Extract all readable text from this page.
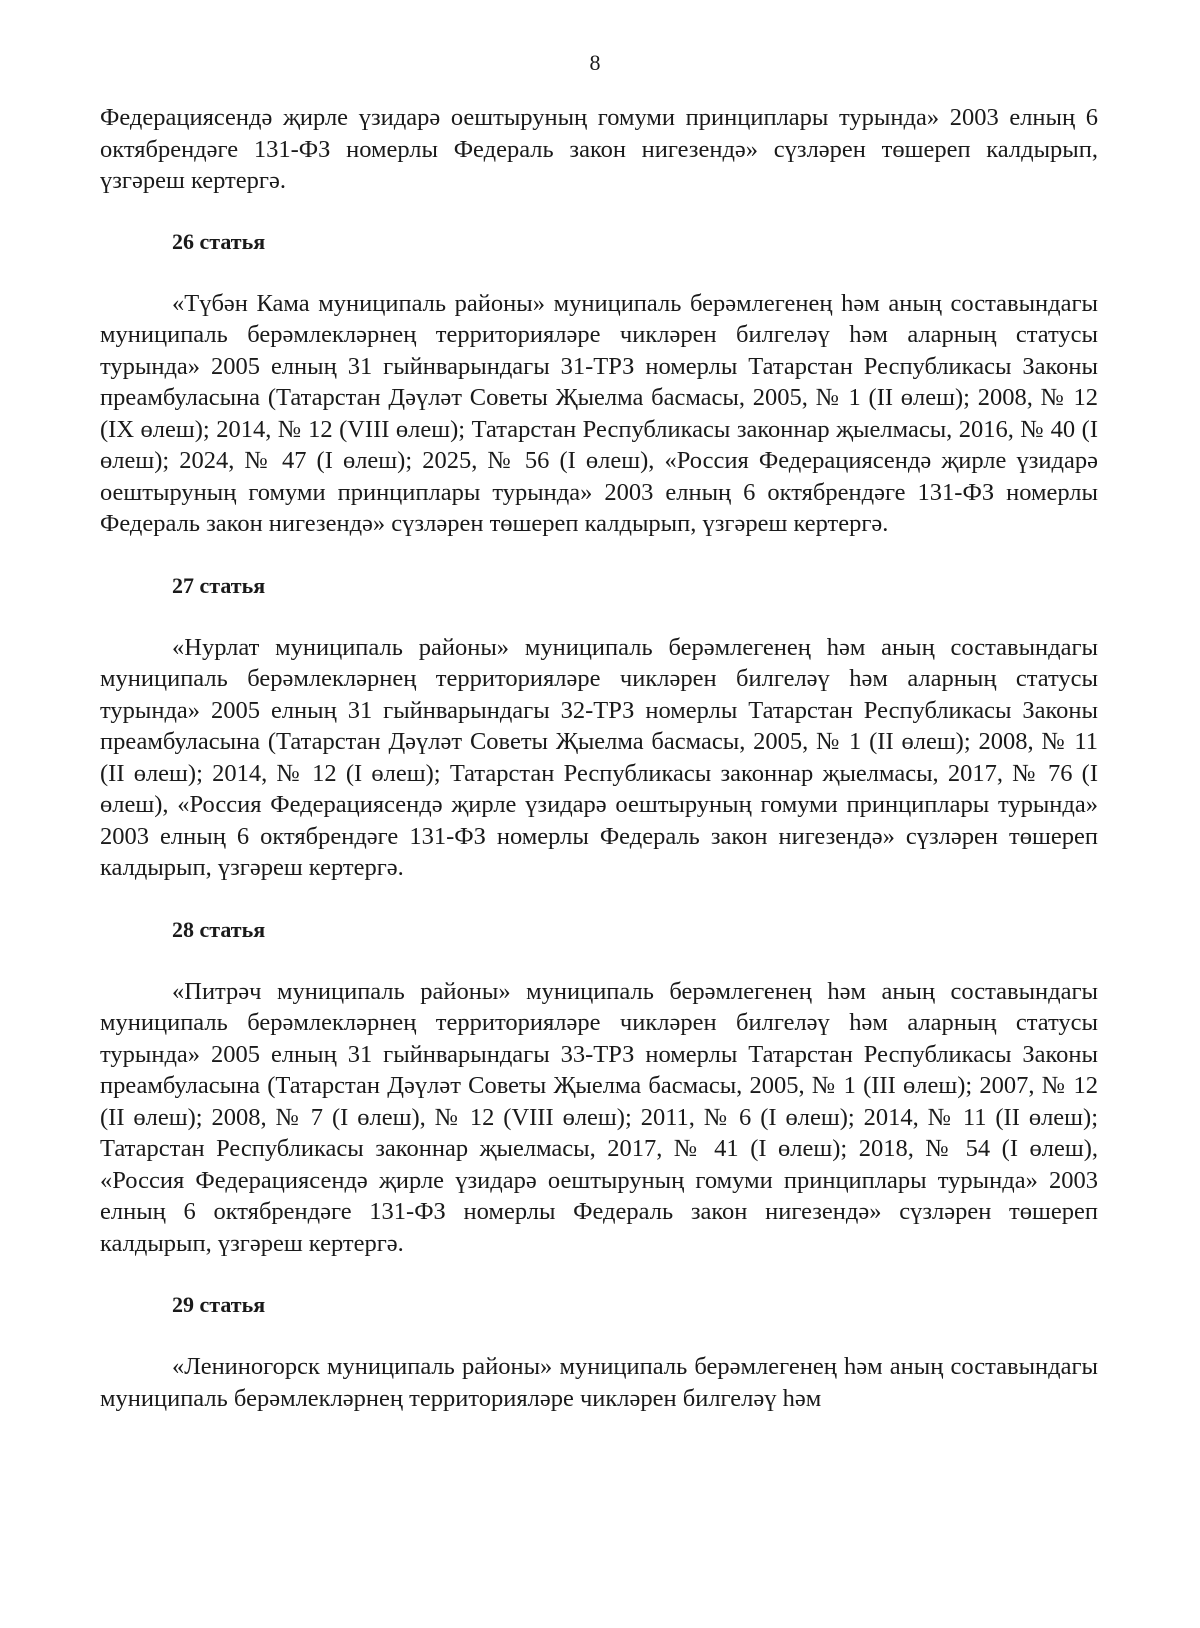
8

Федерациясендә җирле үзидарә оештыруның гомуми принциплары турында» 2003 елның 6 октябрендәге 131-ФЗ номерлы Федераль закон нигезендә» сүзләрен төшереп калдырып, үзгәреш кертергә.

26 статья

«Түбән Кама муниципаль районы» муниципаль берәмлегенең һәм аның составындагы муниципаль берәмлекләрнең территорияләре чикләрен билгеләү һәм аларның статусы турында» 2005 елның 31 гыйнварындагы 31-ТРЗ номерлы Татарстан Республикасы Законы преамбуласына (Татарстан Дәүләт Советы Җыелма басмасы, 2005, № 1 (II өлеш); 2008, № 12 (IX өлеш); 2014, № 12 (VIII өлеш); Татарстан Республикасы законнар җыелмасы, 2016, № 40 (I өлеш); 2024, № 47 (I өлеш); 2025, № 56 (I өлеш), «Россия Федерациясендә җирле үзидарә оештыруның гомуми принциплары турында» 2003 елның 6 октябрендәге 131-ФЗ номерлы Федераль закон нигезендә» сүзләрен төшереп калдырып, үзгәреш кертергә.

27 статья

«Нурлат муниципаль районы» муниципаль берәмлегенең һәм аның составындагы муниципаль берәмлекләрнең территорияләре чикләрен билгеләү һәм аларның статусы турында» 2005 елның 31 гыйнварындагы 32-ТРЗ номерлы Татарстан Республикасы Законы преамбуласына (Татарстан Дәүләт Советы Җыелма басмасы, 2005, № 1 (II өлеш); 2008, № 11 (II өлеш); 2014, № 12 (I өлеш); Татарстан Республикасы законнар җыелмасы, 2017, № 76 (I өлеш), «Россия Федерациясендә җирле үзидарә оештыруның гомуми принциплары турында» 2003 елның 6 октябрендәге 131-ФЗ номерлы Федераль закон нигезендә» сүзләрен төшереп калдырып, үзгәреш кертергә.

28 статья

«Питрәч муниципаль районы» муниципаль берәмлегенең һәм аның составындагы муниципаль берәмлекләрнең территорияләре чикләрен билгеләү һәм аларның статусы турында» 2005 елның 31 гыйнварындагы 33-ТРЗ номерлы Татарстан Республикасы Законы преамбуласына (Татарстан Дәүләт Советы Җыелма басмасы, 2005, № 1 (III өлеш); 2007, № 12 (II өлеш); 2008, № 7 (I өлеш), № 12 (VIII өлеш); 2011, № 6 (I өлеш); 2014, № 11 (II өлеш); Татарстан Республикасы законнар җыелмасы, 2017, № 41 (I өлеш); 2018, № 54 (I өлеш), «Россия Федерациясендә җирле үзидарә оештыруның гомуми принциплары турында» 2003 елның 6 октябрендәге 131-ФЗ номерлы Федераль закон нигезендә» сүзләрен төшереп калдырып, үзгәреш кертергә.

29 статья

«Лениногорск муниципаль районы» муниципаль берәмлегенең һәм аның составындагы муниципаль берәмлекләрнең территорияләре чикләрен билгеләү һәм
